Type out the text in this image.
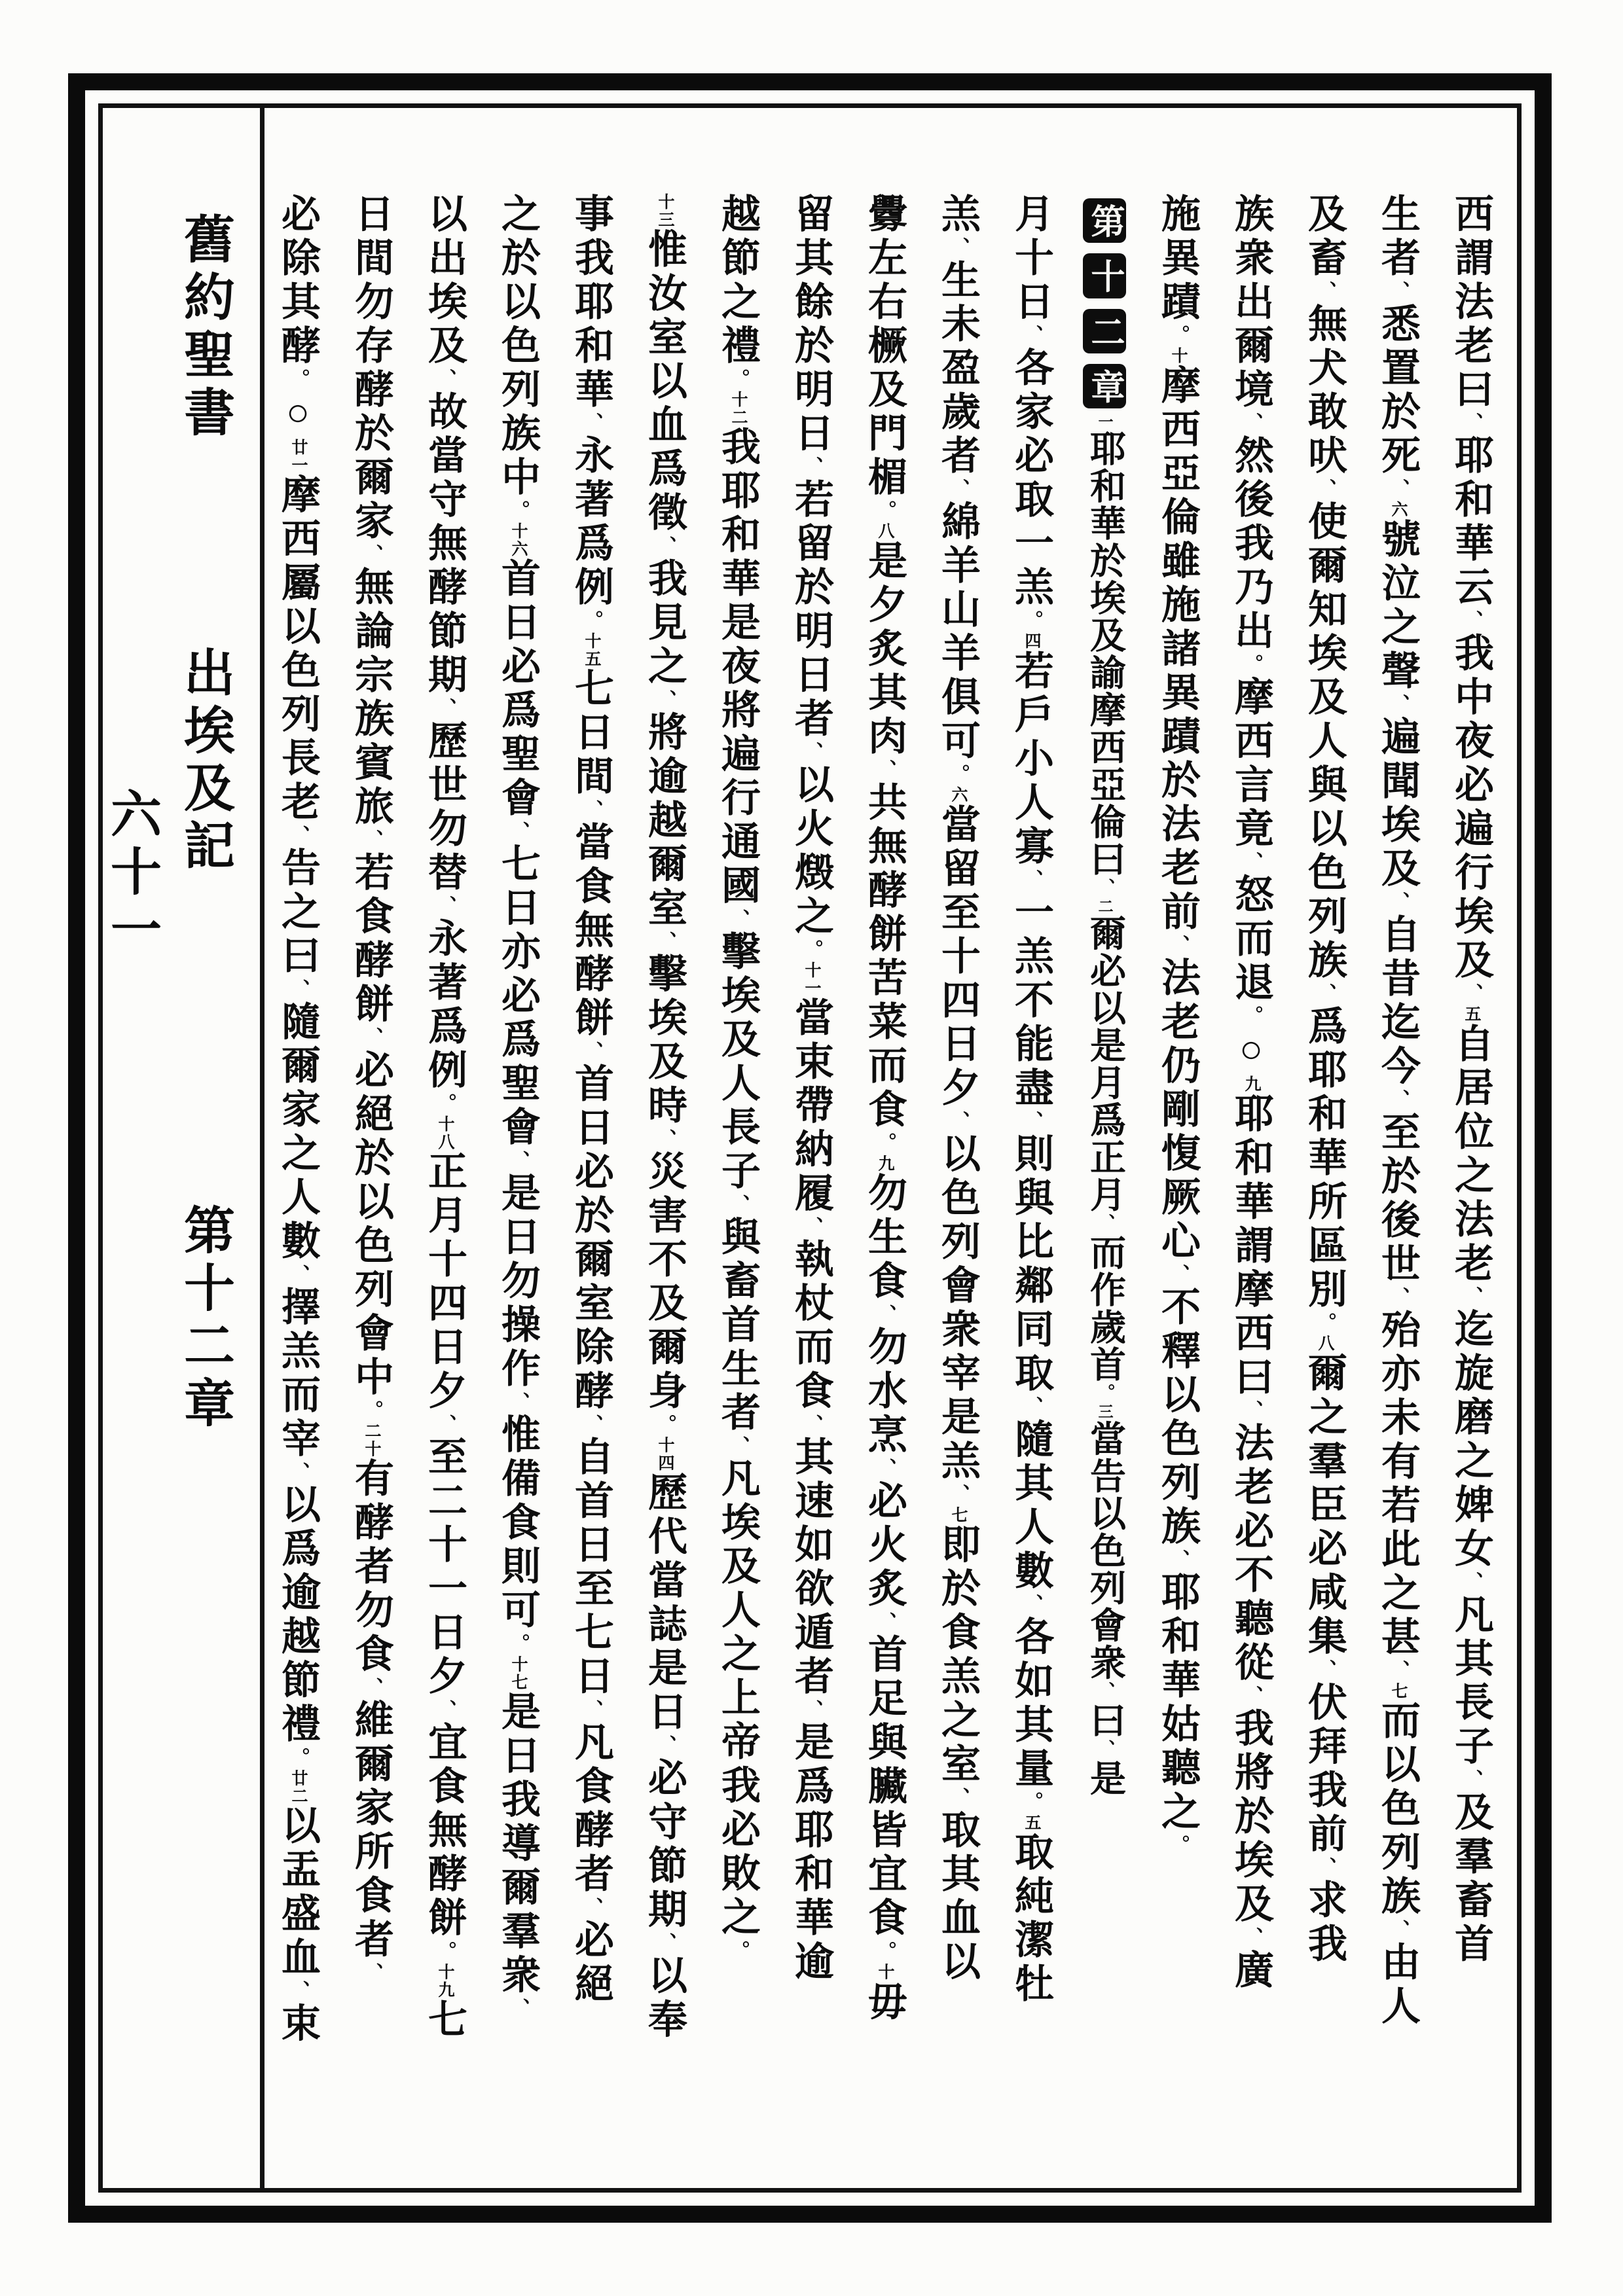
舊約聖書 出埃及記 第十二章 六十一
西謂法老曰、耶和華云、我中夜必遍行埃及、五自居位之法老、迄旋磨之婢女、凡其長子、及羣畜首
生者、悉置於死、六號泣之聲、遍聞埃及、自昔迄今、至於後世、殆亦未有若此之甚、七而以色列族、由人
及畜、無犬敢吠、使爾知埃及人與以色列族、爲耶和華所區別。八爾之羣臣必咸集、伏拜我前、求我
族衆出爾境、然後我乃出。摩西言竟、怒而退。○九耶和華謂摩西曰、法老必不聽從、我將於埃及、廣
施異蹟。十摩西亞倫雖施諸異蹟於法老前、法老仍剛愎厥心、不釋以色列族、耶和華姑聽之。
第十二章一耶和華於埃及諭摩西亞倫曰、二爾必以是月爲正月、而作歲首。三當告以色列會衆、曰、是
月十日、各家必取一羔。四若戶小人寡、一羔不能盡、則與比鄰同取、隨其人數、各如其量。五取純潔牡
羔、生未盈歲者、綿羊山羊俱可。六當留至十四日夕、以色列會衆宰是羔、七即於食羔之室、取其血以
釁左右橛及門楣。八是夕炙其肉、共無酵餅苦菜而食。九勿生食、勿水烹、必火炙、首足與臟皆宜食。十毋
留其餘於明日、若留於明日者、以火燬之。十一當束帶納履、執杖而食、其速如欲遁者、是爲耶和華逾
越節之禮。十二我耶和華是夜將遍行通國、擊埃及人長子、與畜首生者、凡埃及人之上帝我必敗之。
十三惟汝室以血爲徵、我見之、將逾越爾室、擊埃及時、災害不及爾身。十四歷代當誌是日、必守節期、以奉
事我耶和華、永著爲例。十五七日間、當食無酵餅、首日必於爾室除酵、自首日至七日、凡食酵者、必絕
之於以色列族中。十六首日必爲聖會、七日亦必爲聖會、是日勿操作、惟備食則可。十七是日我導爾羣衆、
以出埃及、故當守無酵節期、歷世勿替、永著爲例。十八正月十四日夕、至二十一日夕、宜食無酵餅。十九七
日間勿存酵於爾家、無論宗族賓旅、若食酵餅、必絕於以色列會中。二十有酵者勿食、維爾家所食者、
必除其酵。○廿一摩西屬以色列長老、告之曰、隨爾家之人數、擇羔而宰、以爲逾越節禮。廿二以盂盛血、束
